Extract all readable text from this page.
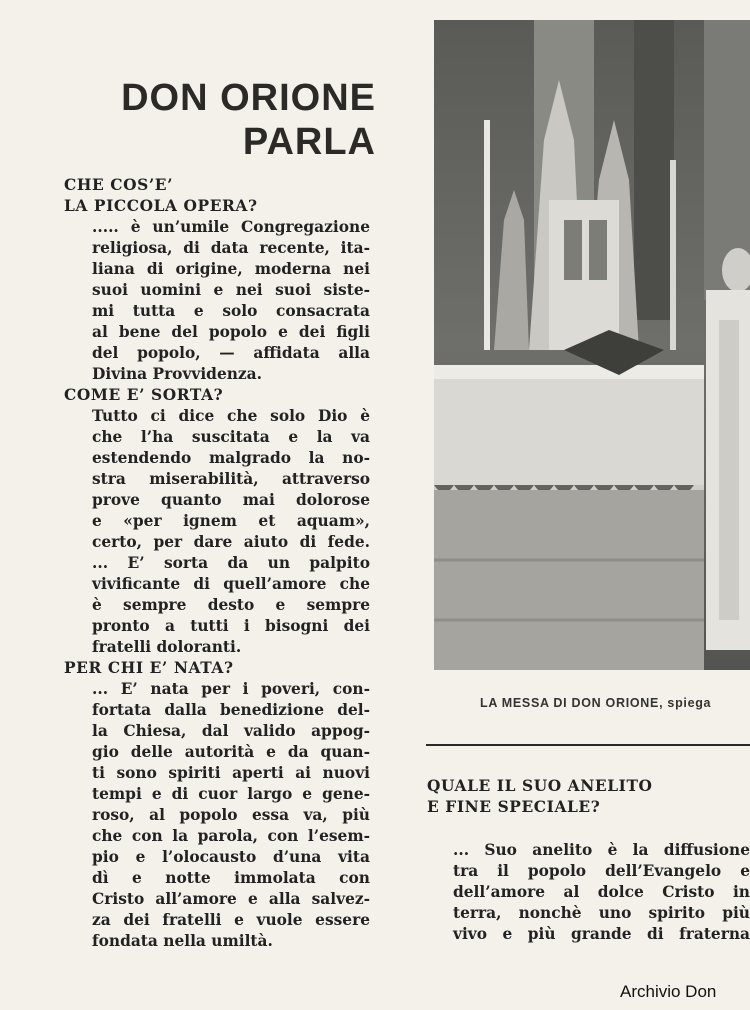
DON ORIONE
PARLA
CHE COS’E’
LA PICCOLA OPERA?
..... è un’umile Congregazione
religiosa, di data recente, ita-
liana di origine, moderna nei
suoi uomini e nei suoi siste-
mi tutta e solo consacrata
al bene del popolo e dei figli
del popolo, — affidata alla
Divina Provvidenza.
COME E’ SORTA?
Tutto ci dice che solo Dio è
che l’ha suscitata e la va
estendendo malgrado la no-
stra miserabilità, attraverso
prove quanto mai dolorose
e «per ignem et aquam»,
certo, per dare aiuto di fede.
... E’ sorta da un palpito
vivificante di quell’amore che
è sempre desto e sempre
pronto a tutti i bisogni dei
fratelli doloranti.
PER CHI E’ NATA?
... E’ nata per i poveri, con-
fortata dalla benedizione del-
la Chiesa, dal valido appog-
gio delle autorità e da quan-
ti sono spiriti aperti ai nuovi
tempi e di cuor largo e gene-
roso, al popolo essa va, più
che con la parola, con l’esem-
pio e l’olocausto d’una vita
dì e notte immolata con
Cristo all’amore e alla salvez-
za dei fratelli e vuole essere
fondata nella umiltà.
LA MESSA DI DON ORIONE, spiega
QUALE IL SUO ANELITO
E FINE SPECIALE?
... Suo anelito è la diffusione
tra il popolo dell’Evangelo e
dell’amore al dolce Cristo in
terra, nonchè uno spirito più
vivo e più grande di fraterna
Archivio Don
